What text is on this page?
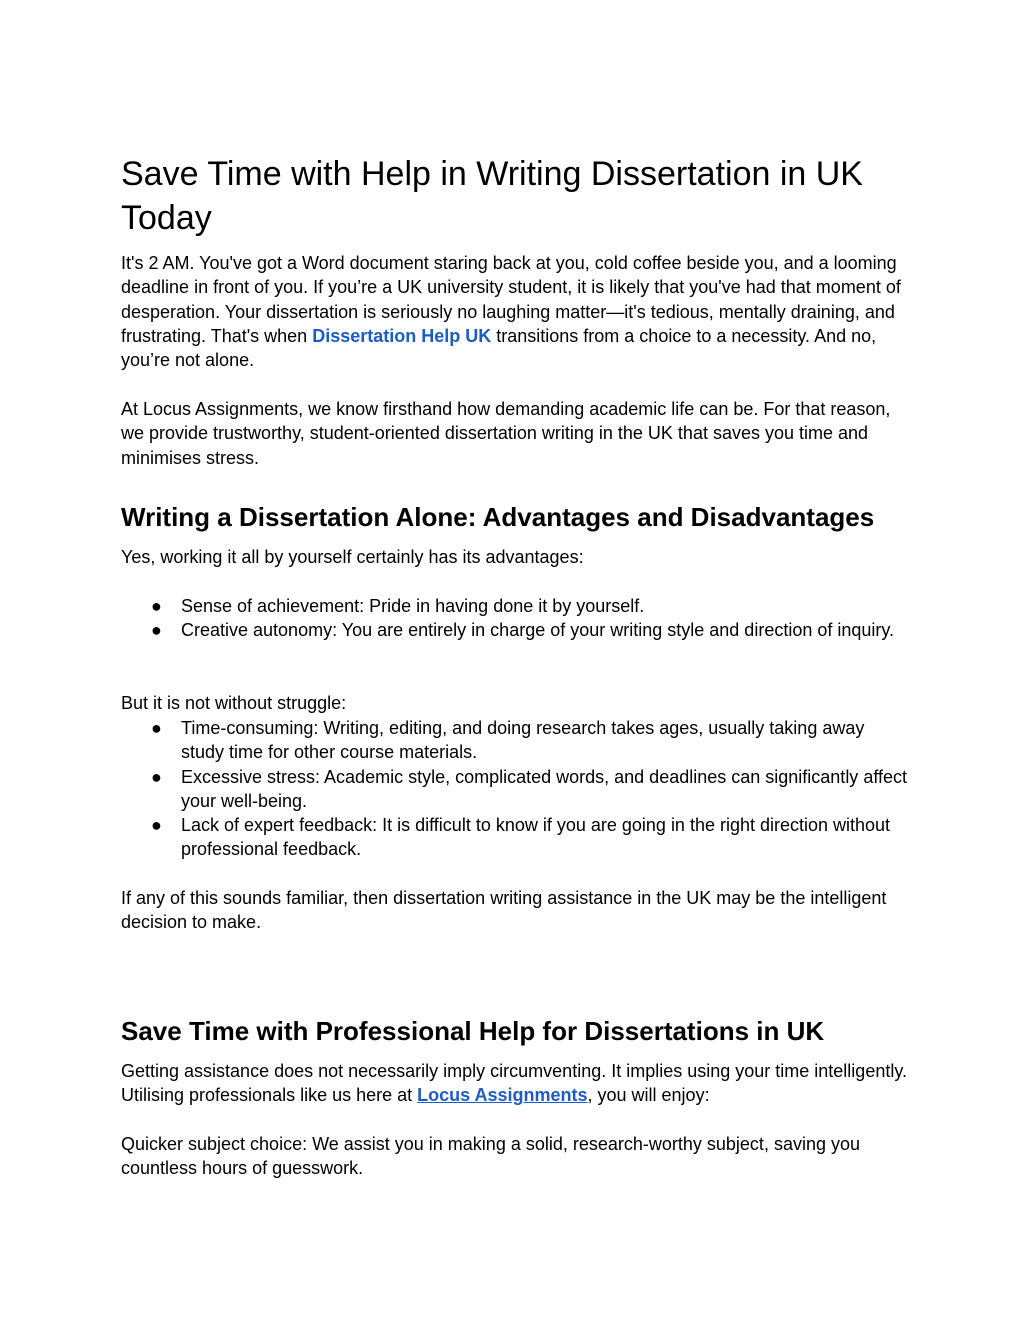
Save Time with Help in Writing Dissertation in UK Today

It's 2 AM. You've got a Word document staring back at you, cold coffee beside you, and a looming deadline in front of you. If you’re a UK university student, it is likely that you've had that moment of desperation. Your dissertation is seriously no laughing matter—it's tedious, mentally draining, and frustrating. That's when Dissertation Help UK transitions from a choice to a necessity. And no, you’re not alone.

At Locus Assignments, we know firsthand how demanding academic life can be. For that reason, we provide trustworthy, student-oriented dissertation writing in the UK that saves you time and minimises stress.

Writing a Dissertation Alone: Advantages and Disadvantages

Yes, working it all by yourself certainly has its advantages:

● Sense of achievement: Pride in having done it by yourself.
● Creative autonomy: You are entirely in charge of your writing style and direction of inquiry.

But it is not without struggle:

● Time-consuming: Writing, editing, and doing research takes ages, usually taking away study time for other course materials.
● Excessive stress: Academic style, complicated words, and deadlines can significantly affect your well-being.
● Lack of expert feedback: It is difficult to know if you are going in the right direction without professional feedback.

If any of this sounds familiar, then dissertation writing assistance in the UK may be the intelligent decision to make.

Save Time with Professional Help for Dissertations in UK

Getting assistance does not necessarily imply circumventing. It implies using your time intelligently. Utilising professionals like us here at Locus Assignments, you will enjoy:

Quicker subject choice: We assist you in making a solid, research-worthy subject, saving you countless hours of guesswork.
